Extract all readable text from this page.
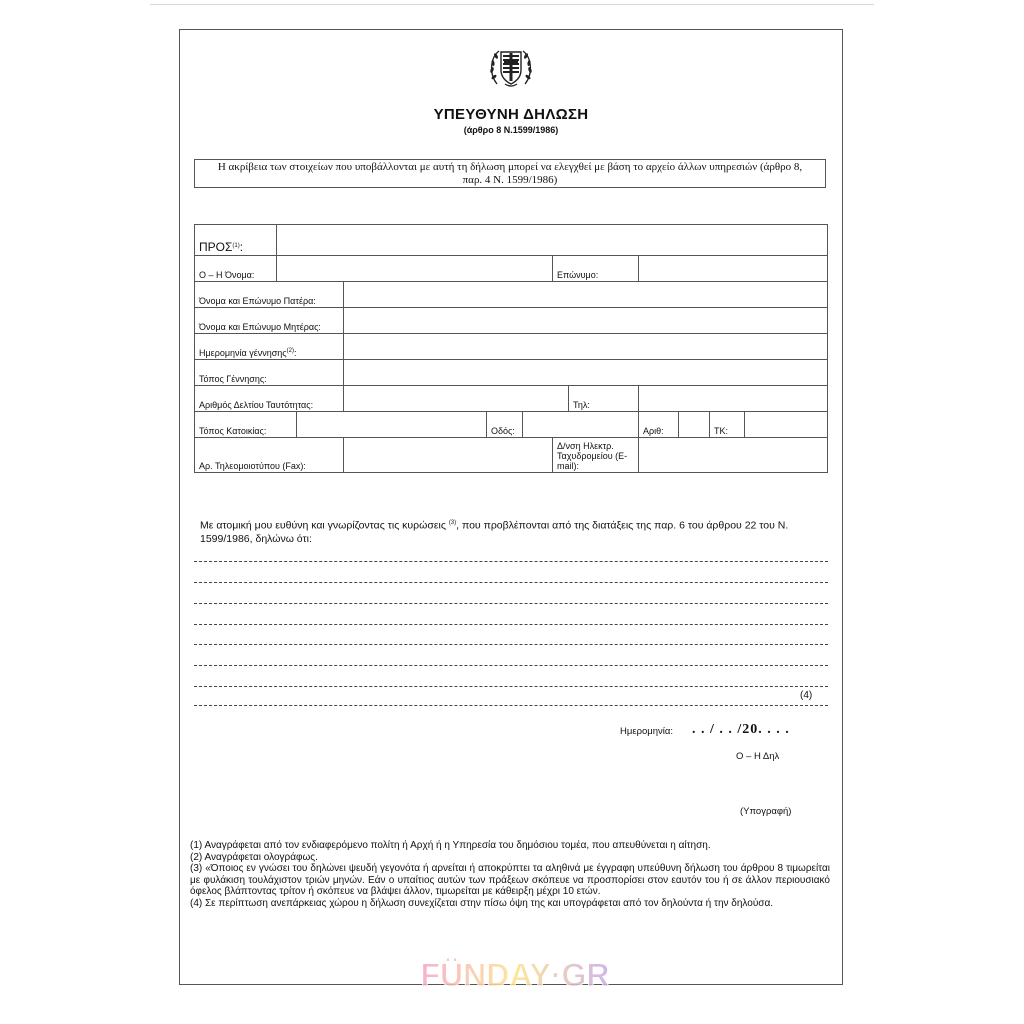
ΥΠΕΥΘΥΝΗ ΔΗΛΩΣΗ
(άρθρο 8 Ν.1599/1986)
Η ακρίβεια των στοιχείων που υποβάλλονται με αυτή τη δήλωση μπορεί να ελεγχθεί με βάση το αρχείο άλλων υπηρεσιών (άρθρο 8, παρ. 4 Ν. 1599/1986)
ΠΡΟΣ$^{(1)}$:											
Ο – Η Όνομα:						Επώνυμο:					
Όνομα και Επώνυμο Πατέρα:											
Όνομα και Επώνυμο Μητέρας:											
Ημερομηνία γέννησης$^{(2)}$:											
Τόπος Γέννησης:											
Αριθμός Δελτίου Ταυτότητας:							Τηλ:				
Τόπος Κατοικίας:				Οδός:				Αριθ:		ΤΚ:	
Αρ. Τηλεομοιοτύπου (Fax):						Δ/νση Ηλεκτρ. Ταχυδρομείου (E-mail):					
Με ατομική μου ευθύνη και γνωρίζοντας τις κυρώσεις $^{(3)}$, που προβλέπονται από της διατάξεις της παρ. 6 του άρθρου 22 του Ν. 1599/1986, δηλώνω ότι:
(4)
Ημερομηνία: . . / . . /20. . . .
Ο – Η Δηλ
(Υπογραφή)
(1) Αναγράφεται από τον ενδιαφερόμενο πολίτη ή Αρχή ή η Υπηρεσία του δημόσιου τομέα, που απευθύνεται η αίτηση.
(2) Αναγράφεται ολογράφως.
(3) «Όποιος εν γνώσει του δηλώνει ψευδή γεγονότα ή αρνείται ή αποκρύπτει τα αληθινά με έγγραφη υπεύθυνη δήλωση του άρθρου 8 τιμωρείται με φυλάκιση τουλάχιστον τριών μηνών. Εάν ο υπαίτιος αυτών των πράξεων σκόπευε να προσπορίσει στον εαυτόν του ή σε άλλον περιουσιακό όφελος βλάπτοντας τρίτον ή σκόπευε να βλάψει άλλον, τιμωρείται με κάθειρξη μέχρι 10 ετών.
(4) Σε περίπτωση ανεπάρκειας χώρου η δήλωση συνεχίζεται στην πίσω όψη της και υπογράφεται από τον δηλούντα ή την δηλούσα.
FÜNDAY·GR
